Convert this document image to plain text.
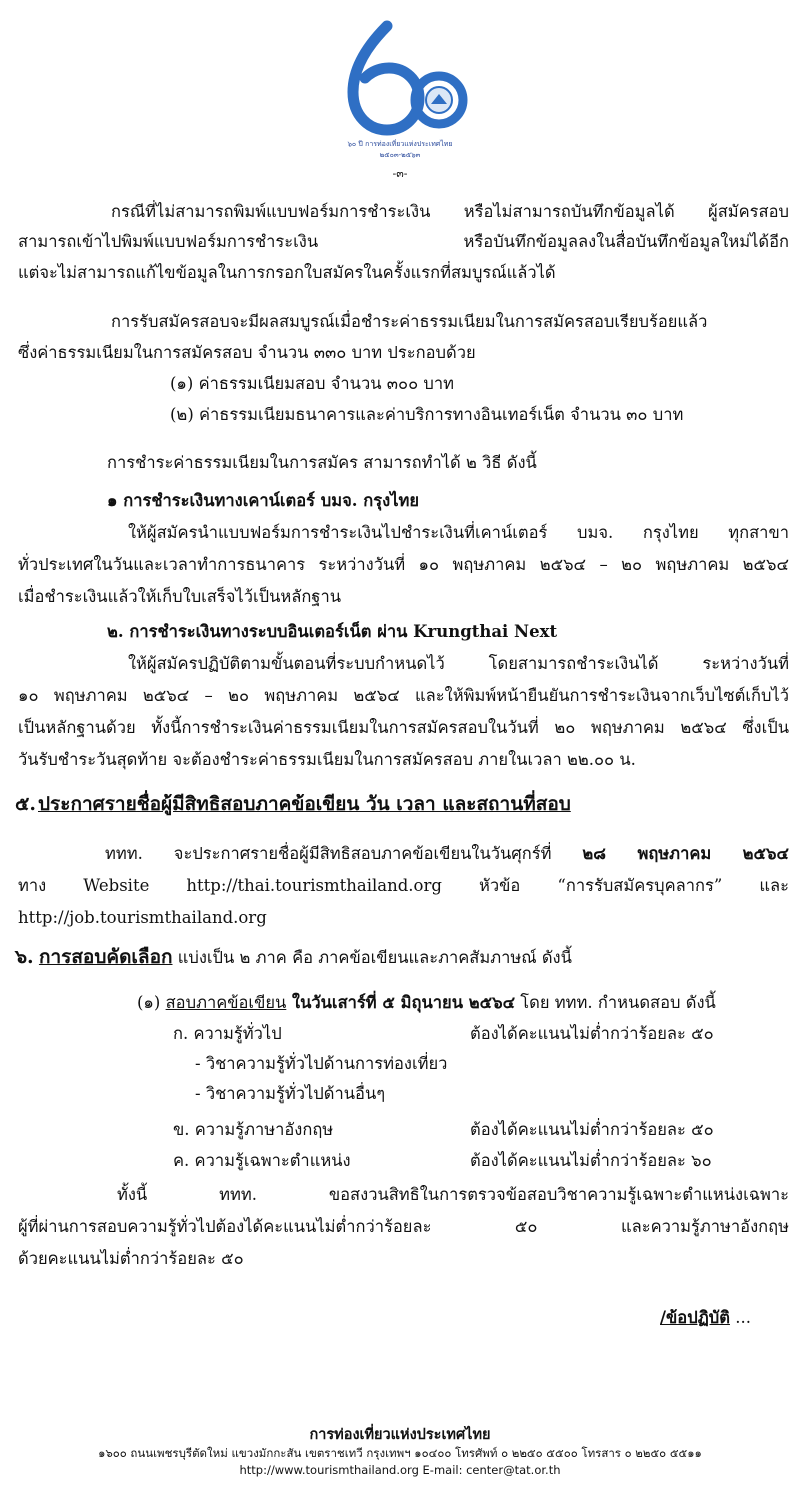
๖๐ ปี การท่องเที่ยวแห่งประเทศไทย
๒๕๐๓-๒๕๖๓
-๓-
กรณีที่ไม่สามารถพิมพ์แบบฟอร์มการชำระเงิน หรือไม่สามารถบันทึกข้อมูลได้ ผู้สมัครสอบ
สามารถเข้าไปพิมพ์แบบฟอร์มการชำระเงิน หรือบันทึกข้อมูลลงในสื่อบันทึกข้อมูลใหม่ได้อีก
แต่จะไม่สามารถแก้ไขข้อมูลในการกรอกใบสมัครในครั้งแรกที่สมบูรณ์แล้วได้
การรับสมัครสอบจะมีผลสมบูรณ์เมื่อชำระค่าธรรมเนียมในการสมัครสอบเรียบร้อยแล้ว
ซึ่งค่าธรรมเนียมในการสมัครสอบ จำนวน ๓๓๐ บาท ประกอบด้วย
(๑) ค่าธรรมเนียมสอบ จำนวน ๓๐๐ บาท
(๒) ค่าธรรมเนียมธนาคารและค่าบริการทางอินเทอร์เน็ต จำนวน ๓๐ บาท
การชำระค่าธรรมเนียมในการสมัคร สามารถทำได้ ๒ วิธี ดังนี้
๑ การชำระเงินทางเคาน์เตอร์ บมจ. กรุงไทย
ให้ผู้สมัครนำแบบฟอร์มการชำระเงินไปชำระเงินที่เคาน์เตอร์ บมจ. กรุงไทย ทุกสาขา
ทั่วประเทศในวันและเวลาทำการธนาคาร ระหว่างวันที่ ๑๐ พฤษภาคม ๒๕๖๔ – ๒๐ พฤษภาคม ๒๕๖๔
เมื่อชำระเงินแล้วให้เก็บใบเสร็จไว้เป็นหลักฐาน
๒. การชำระเงินทางระบบอินเตอร์เน็ต ผ่าน Krungthai Next
ให้ผู้สมัครปฏิบัติตามขั้นตอนที่ระบบกำหนดไว้ โดยสามารถชำระเงินได้ ระหว่างวันที่
๑๐ พฤษภาคม ๒๕๖๔ – ๒๐ พฤษภาคม ๒๕๖๔ และให้พิมพ์หน้ายืนยันการชำระเงินจากเว็บไซต์เก็บไว้
เป็นหลักฐานด้วย ทั้งนี้การชำระเงินค่าธรรมเนียมในการสมัครสอบในวันที่ ๒๐ พฤษภาคม ๒๕๖๔ ซึ่งเป็น
วันรับชำระวันสุดท้าย จะต้องชำระค่าธรรมเนียมในการสมัครสอบ ภายในเวลา ๒๒.๐๐ น.
๕. ประกาศรายชื่อผู้มีสิทธิสอบภาคข้อเขียน วัน เวลา และสถานที่สอบ
ททท. จะประกาศรายชื่อผู้มีสิทธิสอบภาคข้อเขียนในวันศุกร์ที่ ๒๘ พฤษภาคม ๒๕๖๔
ทาง Website http://thai.tourismthailand.org หัวข้อ “การรับสมัครบุคลากร” และ
http://job.tourismthailand.org
๖. การสอบคัดเลือก แบ่งเป็น ๒ ภาค คือ ภาคข้อเขียนและภาคสัมภาษณ์ ดังนี้
(๑) สอบภาคข้อเขียน ในวันเสาร์ที่ ๕ มิถุนายน ๒๕๖๔ โดย ททท. กำหนดสอบ ดังนี้
ก. ความรู้ทั่วไป	ต้องได้คะแนนไม่ต่ำกว่าร้อยละ ๕๐
- วิชาความรู้ทั่วไปด้านการท่องเที่ยว
- วิชาความรู้ทั่วไปด้านอื่นๆ
ข. ความรู้ภาษาอังกฤษ	ต้องได้คะแนนไม่ต่ำกว่าร้อยละ ๕๐
ค. ความรู้เฉพาะตำแหน่ง	ต้องได้คะแนนไม่ต่ำกว่าร้อยละ ๖๐
ทั้งนี้ ททท. ขอสงวนสิทธิในการตรวจข้อสอบวิชาความรู้เฉพาะตำแหน่งเฉพาะ
ผู้ที่ผ่านการสอบความรู้ทั่วไปต้องได้คะแนนไม่ต่ำกว่าร้อยละ ๕๐ และความรู้ภาษาอังกฤษ
ด้วยคะแนนไม่ต่ำกว่าร้อยละ ๕๐
/ข้อปฏิบัติ ...
การท่องเที่ยวแห่งประเทศไทย
๑๖๐๐ ถนนเพชรบุรีตัดใหม่ แขวงมักกะสัน เขตราชเทวี กรุงเทพฯ ๑๐๔๐๐ โทรศัพท์ ๐ ๒๒๕๐ ๕๕๐๐ โทรสาร ๐ ๒๒๕๐ ๕๕๑๑
http://www.tourismthailand.org E-mail: center@tat.or.th
